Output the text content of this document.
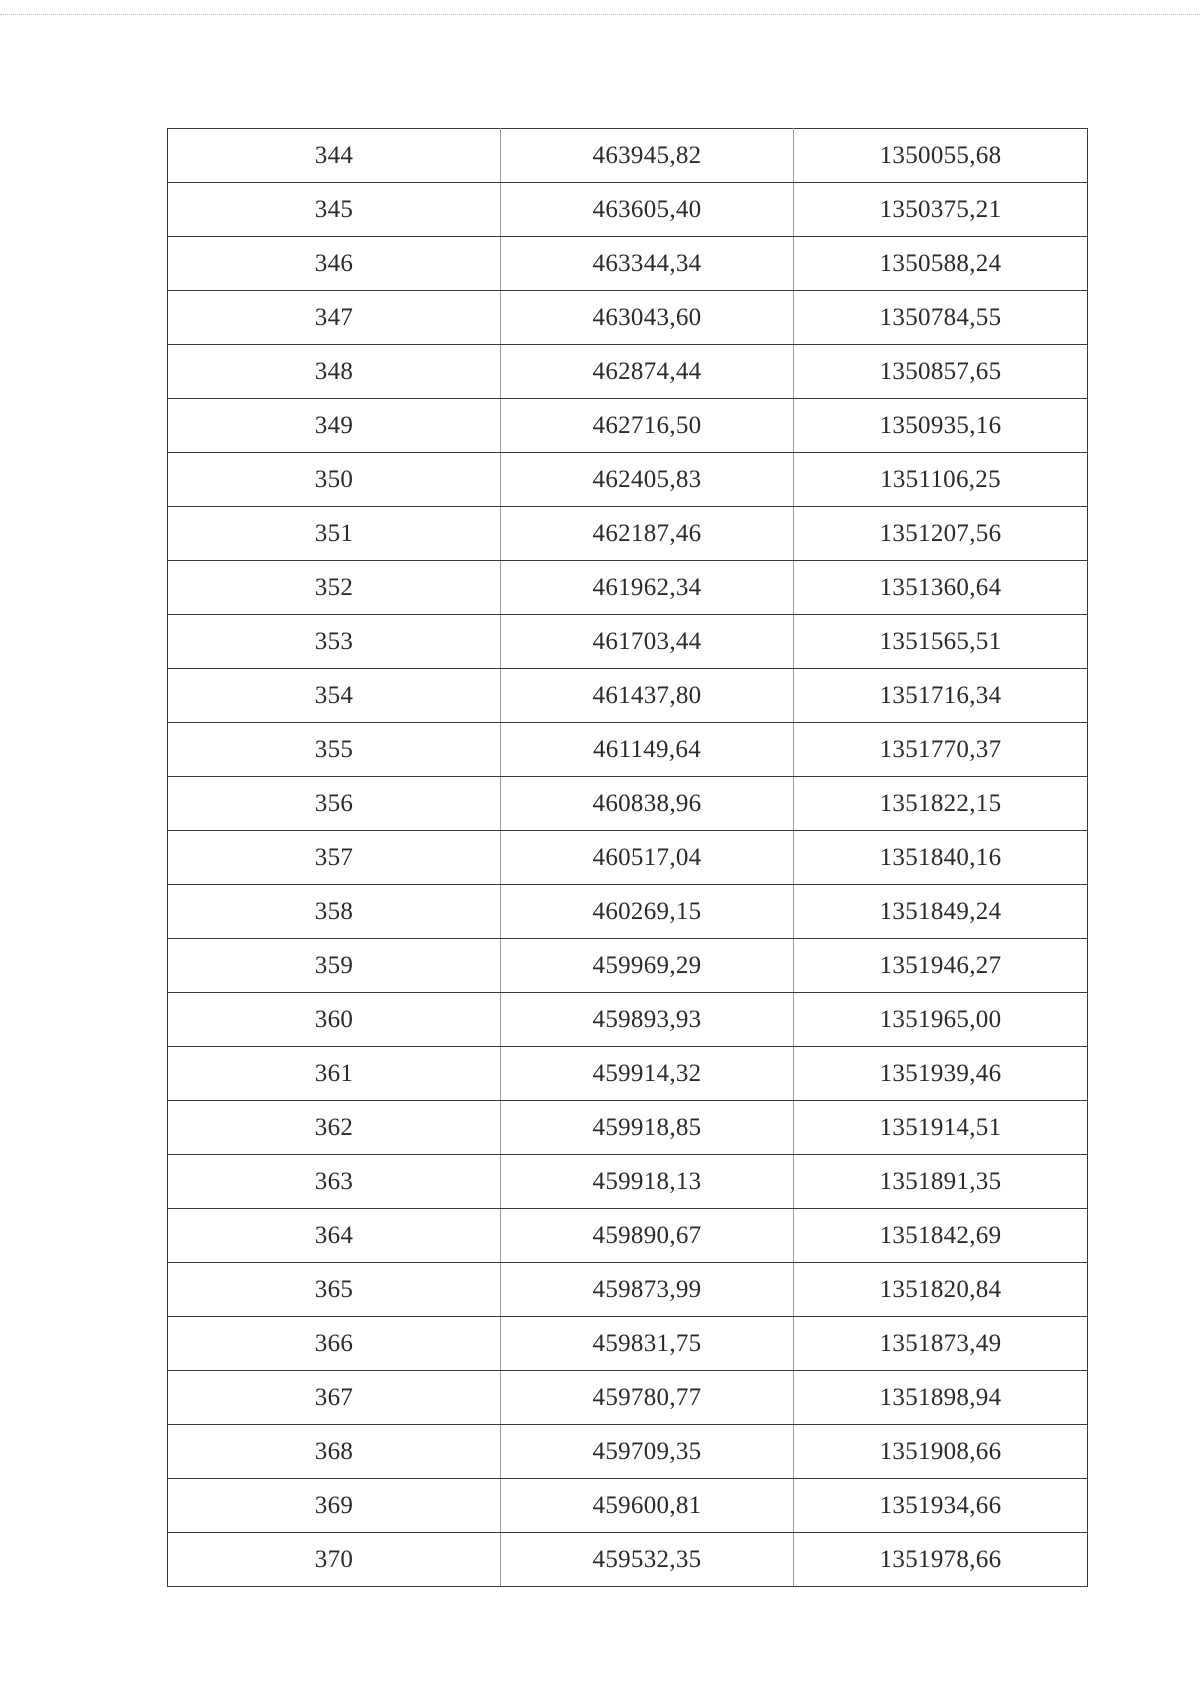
344	463945,82	1350055,68
345	463605,40	1350375,21
346	463344,34	1350588,24
347	463043,60	1350784,55
348	462874,44	1350857,65
349	462716,50	1350935,16
350	462405,83	1351106,25
351	462187,46	1351207,56
352	461962,34	1351360,64
353	461703,44	1351565,51
354	461437,80	1351716,34
355	461149,64	1351770,37
356	460838,96	1351822,15
357	460517,04	1351840,16
358	460269,15	1351849,24
359	459969,29	1351946,27
360	459893,93	1351965,00
361	459914,32	1351939,46
362	459918,85	1351914,51
363	459918,13	1351891,35
364	459890,67	1351842,69
365	459873,99	1351820,84
366	459831,75	1351873,49
367	459780,77	1351898,94
368	459709,35	1351908,66
369	459600,81	1351934,66
370	459532,35	1351978,66
